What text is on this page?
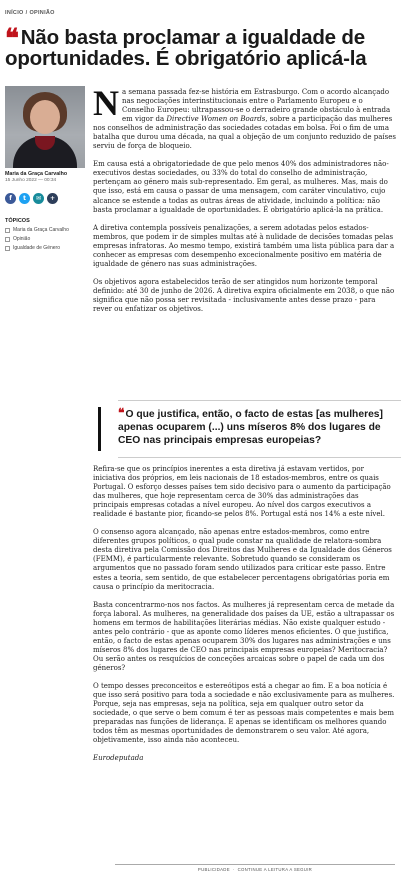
INÍCIO / OPINIÃO
❝Não basta proclamar a igualdade de oportunidades. É obrigatório aplicá-la
Maria da Graça Carvalho
15 Junho 2022 — 00:34
f	t	✉	+
TÓPICOS
Maria da Graça Carvalho
Opinião
Igualdade de Género

Na semana passada fez-se história em Estrasburgo. Com o acordo alcançado nas negociações interinstitucionais entre o Parlamento Europeu e o Conselho Europeu: ultrapassou-se o derradeiro grande obstáculo à entrada em vigor da Directive Women on Boards, sobre a participação das mulheres nos conselhos de administração das sociedades cotadas em bolsa. Foi o fim de uma batalha que durou uma década, na qual a objeção de um conjunto reduzido de países serviu de força de bloqueio.

Em causa está a obrigatoriedade de que pelo menos 40% dos administradores não-executivos destas sociedades, ou 33% do total do conselho de administração, pertençam ao género mais sub-representado. Em geral, as mulheres. Mas, mais do que isso, está em causa o passar de uma mensagem, com caráter vinculativo, cujo alcance se estende a todas as outras áreas de atividade, incluindo a política: não basta proclamar a igualdade de oportunidades. É obrigatório aplicá-la na prática.

A diretiva contempla possíveis penalizações, a serem adotadas pelos estados-membros, que podem ir de simples multas até à nulidade de decisões tomadas pelas empresas infratoras. Ao mesmo tempo, existirá também uma lista pública para dar a conhecer as empresas com desempenho excecionalmente positivo em matéria de igualdade de género nas suas administrações.

Os objetivos agora estabelecidos terão de ser atingidos num horizonte temporal definido: até 30 de junho de 2026. A diretiva expira oficialmente em 2038, o que não significa que não possa ser revisitada - inclusivamente antes desse prazo - para rever ou enfatizar os objetivos.

❝O que justifica, então, o facto de estas [as mulheres] apenas ocuparem (...) uns míseros 8% dos lugares de CEO nas principais empresas europeias?

Refira-se que os princípios inerentes a esta diretiva já estavam vertidos, por iniciativa dos próprios, em leis nacionais de 18 estados-membros, entre os quais Portugal. O esforço desses países tem sido decisivo para o aumento da participação das mulheres, que hoje representam cerca de 30% das administrações das principais empresas cotadas a nível europeu. Ao nível dos cargos executivos a realidade é bastante pior, ficando-se pelos 8%. Portugal está nos 14% a este nível.

O consenso agora alcançado, não apenas entre estados-membros, como entre diferentes grupos políticos, o qual pude constar na qualidade de relatora-sombra desta diretiva pela Comissão dos Direitos das Mulheres e da Igualdade dos Géneros (FEMM), é particularmente relevante. Sobretudo quando se consideram os argumentos que no passado foram sendo utilizados para criticar este passo. Entre estes a teoria, sem sentido, de que estabelecer percentagens obrigatórias poria em causa o princípio da meritocracia.

Basta concentrarmo-nos nos factos. As mulheres já representam cerca de metade da força laboral. As mulheres, na generalidade dos países da UE, estão a ultrapassar os homens em termos de habilitações literárias médias. Não existe qualquer estudo - antes pelo contrário - que as aponte como líderes menos eficientes. O que justifica, então, o facto de estas apenas ocuparem 30% dos lugares nas administrações e uns míseros 8% dos lugares de CEO nas principais empresas europeias? Meritocracia? Ou serão antes os resquícios de conceções arcaicas sobre o papel de cada um dos géneros?

O tempo desses preconceitos e estereótipos está a chegar ao fim. E a boa notícia é que isso será positivo para toda a sociedade e não exclusivamente para as mulheres. Porque, seja nas empresas, seja na política, seja em qualquer outro setor da sociedade, o que serve o bem comum é ter as pessoas mais competentes e mais bem preparadas nas funções de liderança. E apenas se identificam os melhores quando todos têm as mesmas oportunidades de demonstrarem o seu valor. Até agora, objetivamente, isso ainda não aconteceu.

Eurodeputada

PUBLICIDADE · CONTINUE A LEITURA A SEGUIR
